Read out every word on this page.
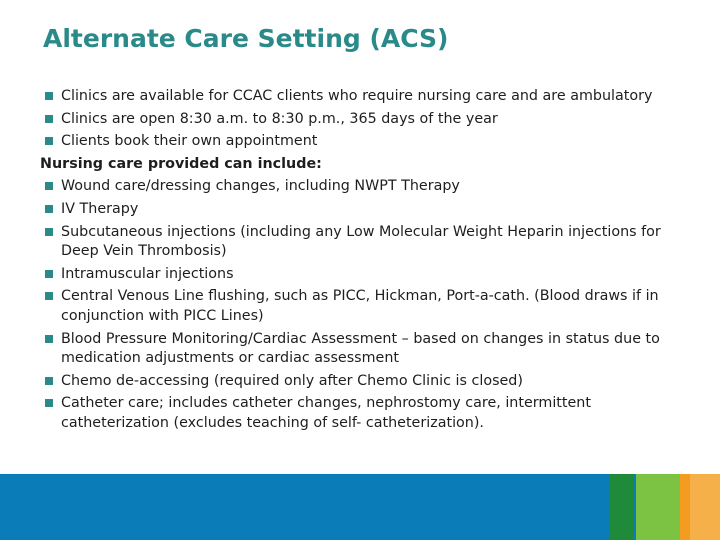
Alternate Care Setting (ACS)
Clinics are available for CCAC clients who require nursing care and are ambulatory
Clinics are open 8:30 a.m. to 8:30 p.m., 365 days of the year
Clients book their own appointment
Nursing care provided can include:
Wound care/dressing changes, including NWPT Therapy
IV Therapy
Subcutaneous injections (including any Low Molecular Weight Heparin injections for Deep Vein Thrombosis)
Intramuscular injections
Central Venous Line flushing, such as PICC, Hickman, Port-a-cath. (Blood draws if in conjunction with PICC Lines)
Blood Pressure Monitoring/Cardiac Assessment – based on changes in status due to medication adjustments or cardiac assessment
Chemo de-accessing (required only after Chemo Clinic is closed)
Catheter care; includes catheter changes, nephrostomy care, intermittent catheterization (excludes teaching of self- catheterization).
